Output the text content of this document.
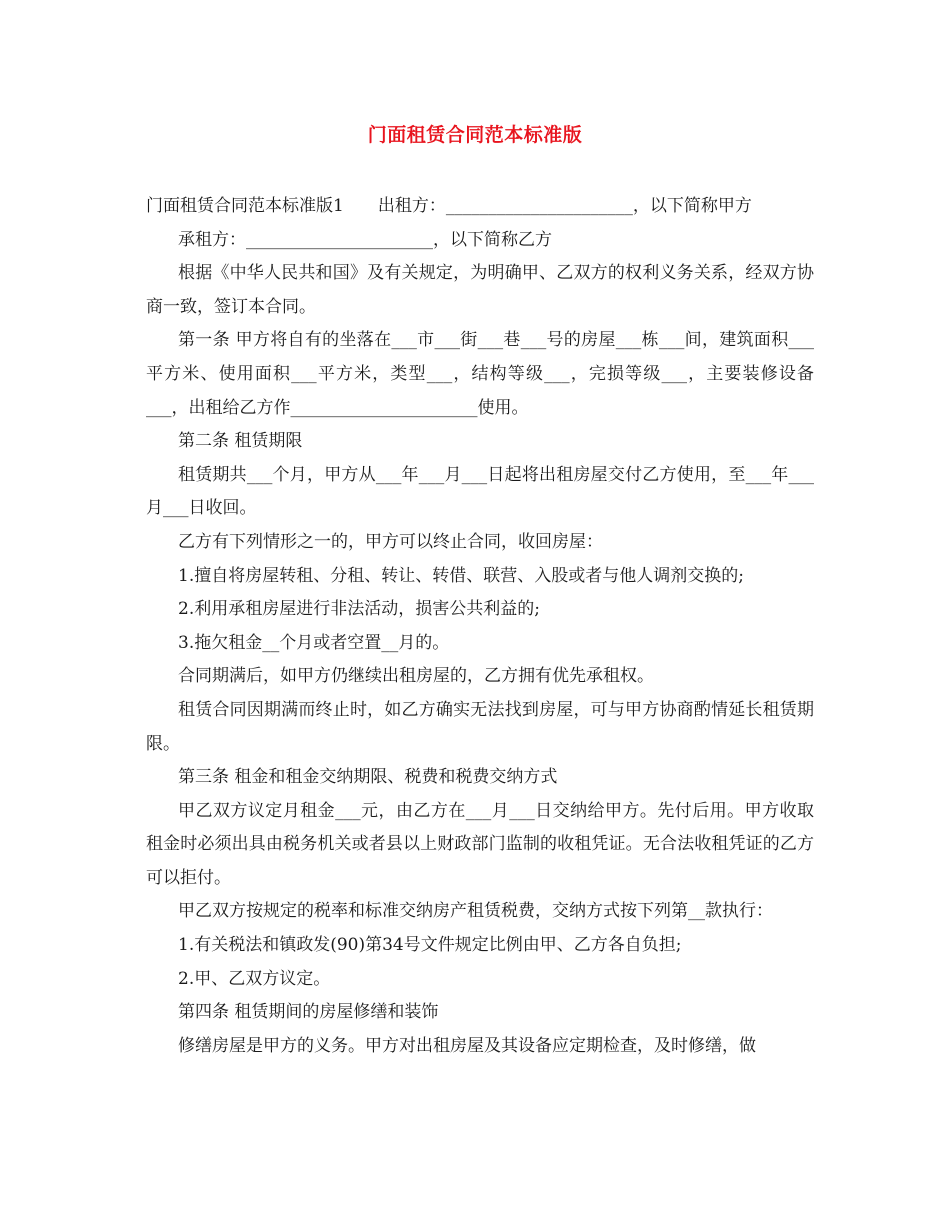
门面租赁合同范本标准版

门面租赁合同范本标准版1　　出租方：______________________，以下简称甲方

承租方：______________________，以下简称乙方

根据《中华人民共和国》及有关规定，为明确甲、乙双方的权利义务关系，经双方协商一致，签订本合同。

第一条 甲方将自有的坐落在___市___街___巷___号的房屋___栋___间，建筑面积___平方米、使用面积___平方米，类型___，结构等级___，完损等级___，主要装修设备___，出租给乙方作______________________使用。

第二条 租赁期限

租赁期共___个月，甲方从___年___月___日起将出租房屋交付乙方使用，至___年___月___日收回。

乙方有下列情形之一的，甲方可以终止合同，收回房屋：

1.擅自将房屋转租、分租、转让、转借、联营、入股或者与他人调剂交换的;

2.利用承租房屋进行非法活动，损害公共利益的;

3.拖欠租金__个月或者空置__月的。

合同期满后，如甲方仍继续出租房屋的，乙方拥有优先承租权。

租赁合同因期满而终止时，如乙方确实无法找到房屋，可与甲方协商酌情延长租赁期限。

第三条 租金和租金交纳期限、税费和税费交纳方式

甲乙双方议定月租金___元，由乙方在___月___日交纳给甲方。先付后用。甲方收取租金时必须出具由税务机关或者县以上财政部门监制的收租凭证。无合法收租凭证的乙方可以拒付。

甲乙双方按规定的税率和标准交纳房产租赁税费，交纳方式按下列第__款执行：

1.有关税法和镇政发(90)第34号文件规定比例由甲、乙方各自负担;

2.甲、乙双方议定。

第四条 租赁期间的房屋修缮和装饰

修缮房屋是甲方的义务。甲方对出租房屋及其设备应定期检查，及时修缮，做
